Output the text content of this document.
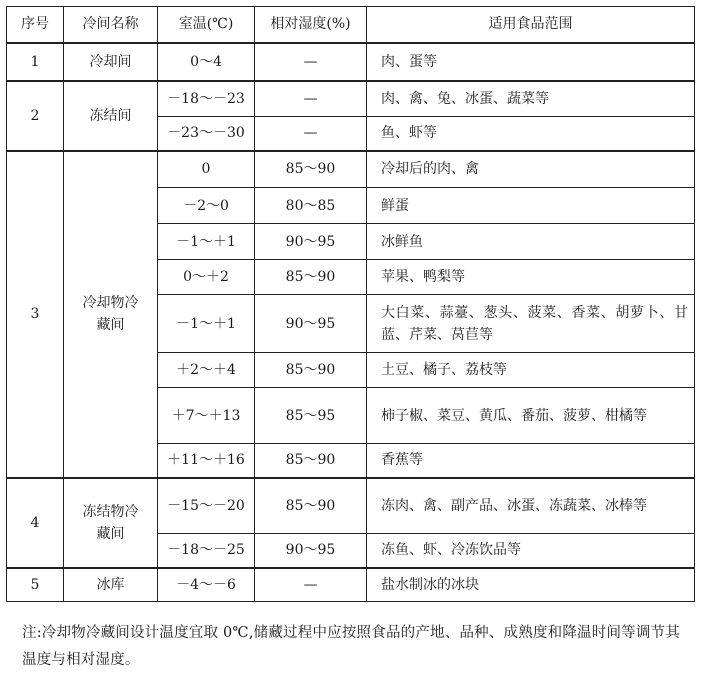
序号	冷间名称	室温(℃)	相对湿度(%)	适用食品范围
1	冷却间	0～4	—	肉、蛋等
2	冻结间	－18～－23	—	肉、禽、兔、冰蛋、蔬菜等
		－23～－30	—	鱼、虾等
3	冷却物冷藏间	0	85～90	冷却后的肉、禽
		－2～0	80～85	鲜蛋
		－1～＋1	90～95	冰鲜鱼
		0～＋2	85～90	苹果、鸭梨等
		－1～＋1	90～95	大白菜、蒜薹、葱头、菠菜、香菜、胡萝卜、甘蓝、芹菜、莴苣等
		＋2～＋4	85～90	土豆、橘子、荔枝等
		＋7～＋13	85～95	柿子椒、菜豆、黄瓜、番茄、菠萝、柑橘等
		＋11～＋16	85～90	香蕉等
4	冻结物冷藏间	－15～－20	85～90	冻肉、禽、副产品、冰蛋、冻蔬菜、冰棒等
		－18～－25	90～95	冻鱼、虾、冷冻饮品等
5	冰库	－4～－6	—	盐水制冰的冰块
注:冷却物冷藏间设计温度宜取 0℃,储藏过程中应按照食品的产地、品种、成熟度和降温时间等调节其温度与相对湿度。
